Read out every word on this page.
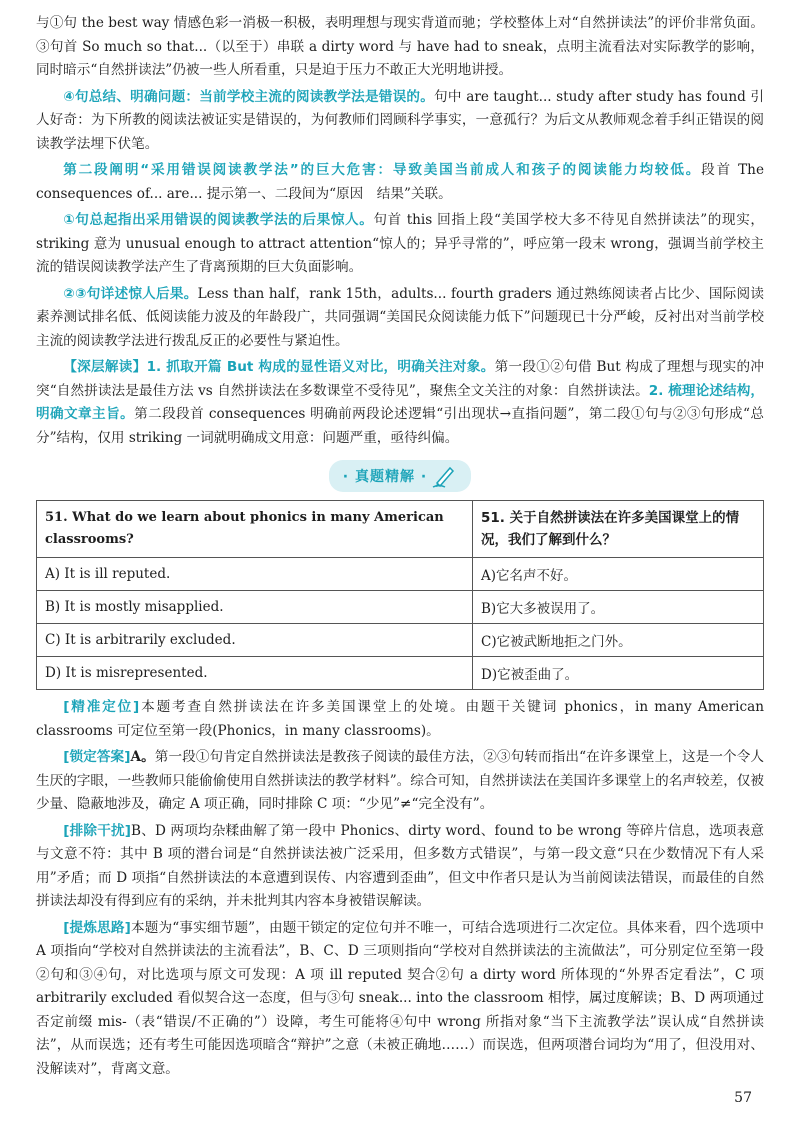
与①句 the best way 情感色彩一消极一积极，表明理想与现实背道而驰；学校整体上对“自然拼读法”的评价非常负面。③句首 So much so that...（以至于）串联 a dirty word 与 have had to sneak，点明主流看法对实际教学的影响，同时暗示“自然拼读法”仍被一些人所看重，只是迫于压力不敢正大光明地讲授。

④句总结、明确问题：当前学校主流的阅读教学法是错误的。句中 are taught... study after study has found 引人好奇：为下所教的阅读法被证实是错误的，为何教师们罔顾科学事实，一意孤行？为后文从教师观念着手纠正错误的阅读教学法埋下伏笔。

第二段阐明“采用错误阅读教学法”的巨大危害：导致美国当前成人和孩子的阅读能力均较低。段首 The consequences of... are... 提示第一、二段间为“原因　结果”关联。

①句总起指出采用错误的阅读教学法的后果惊人。句首 this 回指上段“美国学校大多不待见自然拼读法”的现实，striking 意为 unusual enough to attract attention“惊人的；异乎寻常的”，呼应第一段末 wrong，强调当前学校主流的错误阅读教学法产生了背离预期的巨大负面影响。

②③句详述惊人后果。Less than half，rank 15th，adults... fourth graders 通过熟练阅读者占比少、国际阅读素养测试排名低、低阅读能力波及的年龄段广，共同强调“美国民众阅读能力低下”问题现已十分严峻，反衬出对当前学校主流的阅读教学法进行拨乱反正的必要性与紧迫性。

【深层解读】1. 抓取开篇 But 构成的显性语义对比，明确关注对象。第一段①②句借 But 构成了理想与现实的冲突“自然拼读法是最佳方法 vs 自然拼读法在多数课堂不受待见”，聚焦全文关注的对象：自然拼读法。2. 梳理论述结构，明确文章主旨。第二段段首 consequences 明确前两段论述逻辑“引出现状→直指问题”，第二段①句与②③句形成“总分”结构，仅用 striking 一词就明确成文用意：问题严重，亟待纠偏。

· 真题精解 ·
51. What do we learn about phonics in many American classrooms?	51. 关于自然拼读法在许多美国课堂上的情况，我们了解到什么？
A) It is ill reputed.	A)它名声不好。
B) It is mostly misapplied.	B)它大多被误用了。
C) It is arbitrarily excluded.	C)它被武断地拒之门外。
D) It is misrepresented.	D)它被歪曲了。

[精准定位]本题考查自然拼读法在许多美国课堂上的处境。由题干关键词 phonics，in many American classrooms 可定位至第一段(Phonics，in many classrooms)。

[锁定答案]A。第一段①句肯定自然拼读法是教孩子阅读的最佳方法，②③句转而指出“在许多课堂上，这是一个令人生厌的字眼，一些教师只能偷偷使用自然拼读法的教学材料”。综合可知，自然拼读法在美国许多课堂上的名声较差，仅被少量、隐蔽地涉及，确定 A 项正确，同时排除 C 项：“少见”≠“完全没有”。

[排除干扰]B、D 两项均杂糅曲解了第一段中 Phonics、dirty word、found to be wrong 等碎片信息，选项表意与文意不符：其中 B 项的潜台词是“自然拼读法被广泛采用，但多数方式错误”，与第一段文意“只在少数情况下有人采用”矛盾；而 D 项指“自然拼读法的本意遭到误传、内容遭到歪曲”，但文中作者只是认为当前阅读法错误，而最佳的自然拼读法却没有得到应有的采纳，并未批判其内容本身被错误解读。

[提炼思路]本题为“事实细节题”，由题干锁定的定位句并不唯一，可结合选项进行二次定位。具体来看，四个选项中 A 项指向“学校对自然拼读法的主流看法”，B、C、D 三项则指向“学校对自然拼读法的主流做法”，可分别定位至第一段②句和③④句，对比选项与原文可发现：A 项 ill reputed 契合②句 a dirty word 所体现的“外界否定看法”，C 项 arbitrarily excluded 看似契合这一态度，但与③句 sneak... into the classroom 相悖，属过度解读；B、D 两项通过否定前缀 mis-（表“错误/不正确的”）设障，考生可能将④句中 wrong 所指对象“当下主流教学法”误认成“自然拼读法”，从而误选；还有考生可能因选项暗含“辩护”之意（未被正确地……）而误选，但两项潜台词均为“用了，但没用对、没解读对”，背离文意。

57
